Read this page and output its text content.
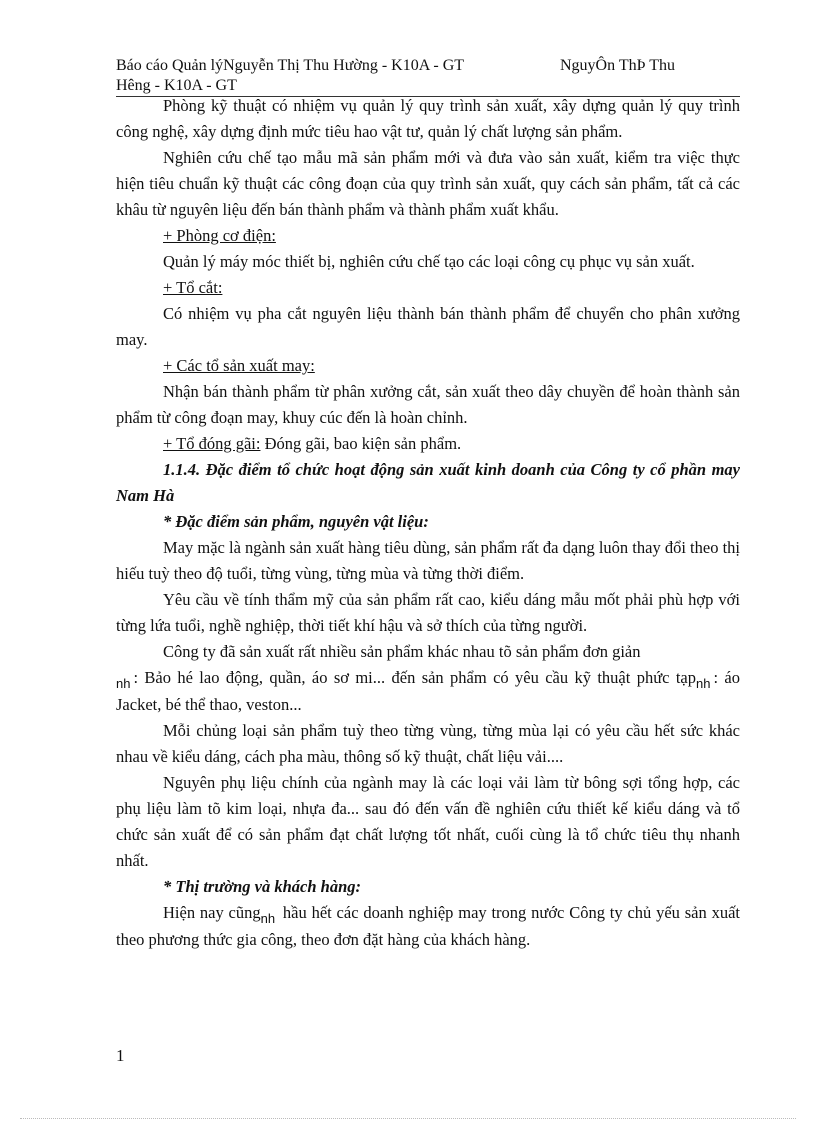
Báo cáo Quản lýNguyễn Thị Thu Hường - K10A - GT	NguyÔn ThÞ Thu
Hêng - K10A - GT

Phòng kỹ thuật có nhiệm vụ quản lý quy trình sản xuất, xây dựng quản lý quy trình công nghệ, xây dựng định mức tiêu hao vật tư, quản lý chất lượng sản phẩm.

Nghiên cứu chế tạo mẫu mã sản phẩm mới và đưa vào sản xuất, kiểm tra việc thực hiện tiêu chuẩn kỹ thuật các công đoạn của quy trình sản xuất, quy cách sản phẩm, tất cả các khâu từ nguyên liệu đến bán thành phẩm và thành phẩm xuất khẩu.

+ Phòng cơ điện:

Quản lý máy móc thiết bị, nghiên cứu chế tạo các loại công cụ phục vụ sản xuất.

+ Tổ cắt:

Có nhiệm vụ pha cắt nguyên liệu thành bán thành phẩm để chuyển cho phân xưởng may.

+ Các tổ sản xuất may:

Nhận bán thành phẩm từ phân xưởng cắt, sản xuất theo dây chuyền để hoàn thành sản phẩm từ công đoạn may, khuy cúc đến là hoàn chỉnh.

+ Tổ đóng gãi: Đóng gãi, bao kiện sản phẩm.

1.1.4. Đặc điểm tổ chức hoạt động sản xuất kinh doanh của Công ty cổ phần may Nam Hà

* Đặc điểm sản phẩm, nguyên vật liệu:

May mặc là ngành sản xuất hàng tiêu dùng, sản phẩm rất đa dạng luôn thay đổi theo thị hiếu tuỳ theo độ tuổi, từng vùng, từng mùa và từng thời điểm.

Yêu cầu về tính thẩm mỹ của sản phẩm rất cao, kiểu dáng mẫu mốt phải phù hợp với từng lứa tuổi, nghề nghiệp, thời tiết khí hậu và sở thích của từng người.

Công ty đã sản xuất rất nhiều sản phẩm khác nhau tõ sản phẩm đơn giản
$_{nh}$ : Bảo hé lao động, quần, áo sơ mi... đến sản phẩm có yêu cầu kỹ thuật phức tạp$_{nh}$ : áo Jacket, bé thể thao, veston...

Mỗi chủng loại sản phẩm tuỳ theo từng vùng, từng mùa lại có yêu cầu hết sức khác nhau về kiểu dáng, cách pha màu, thông số kỹ thuật, chất liệu vải....

Nguyên phụ liệu chính của ngành may là các loại vải làm từ bông sợi tổng hợp, các phụ liệu làm tõ kim loại, nhựa đa... sau đó đến vấn đề nghiên cứu thiết kế kiểu dáng và tổ chức sản xuất để có sản phẩm đạt chất lượng tốt nhất, cuối cùng là tổ chức tiêu thụ nhanh nhất.

* Thị trường và khách hàng:

Hiện nay cũng$_{nh}$ hầu hết các doanh nghiệp may trong nước Công ty chủ yếu sản xuất theo phương thức gia công, theo đơn đặt hàng của khách hàng.

1
